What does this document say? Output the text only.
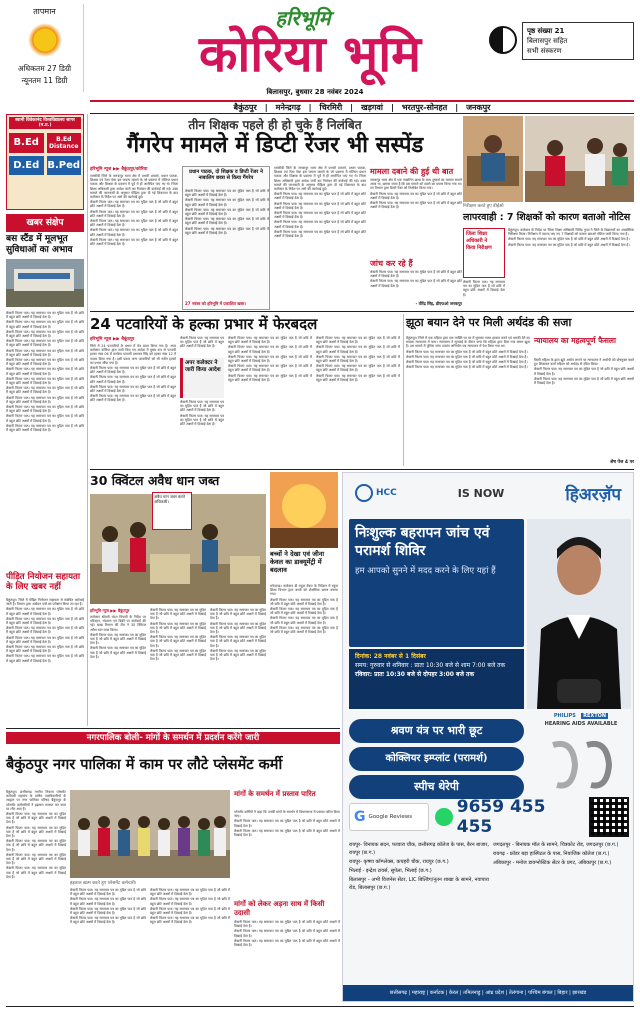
तापमान
अधिकतम 27 डिग्री
न्यूनतम 11 डिग्री
हरिभूमि
कोरिया भूमि
बिलासपुर, बुधवार 28 नवंबर 2024
पृष्ठ संख्या 21
बिलासपुर सहित
सभी संस्करण
बैकुंठपुर | मनेन्द्रगढ़ | चिरमिरी | खड़गवां | भरतपुर-सोनहत | जनकपुर
स्वामी विवेकानंद विश्वविद्यालय सागर (म.प्र.)
B.Ed	B.Ed Distance
D.Ed B.Ped
खबर संक्षेप
बस स्टैंड में मूलभूत सुविधाओं का अभाव

लेखनी फिलर पाठ। यह समाचार पत्र का मुद्रित पाठ है जो छवि में बहुत छोटे अक्षरों में दिखाई देता है।

लेखनी फिलर पाठ। यह समाचार पत्र का मुद्रित पाठ है जो छवि में बहुत छोटे अक्षरों में दिखाई देता है।

लेखनी फिलर पाठ। यह समाचार पत्र का मुद्रित पाठ है जो छवि में बहुत छोटे अक्षरों में दिखाई देता है।

लेखनी फिलर पाठ। यह समाचार पत्र का मुद्रित पाठ है जो छवि में बहुत छोटे अक्षरों में दिखाई देता है।

लेखनी फिलर पाठ। यह समाचार पत्र का मुद्रित पाठ है जो छवि में बहुत छोटे अक्षरों में दिखाई देता है।

लेखनी फिलर पाठ। यह समाचार पत्र का मुद्रित पाठ है जो छवि में बहुत छोटे अक्षरों में दिखाई देता है।

लेखनी फिलर पाठ। यह समाचार पत्र का मुद्रित पाठ है जो छवि में बहुत छोटे अक्षरों में दिखाई देता है।

लेखनी फिलर पाठ। यह समाचार पत्र का मुद्रित पाठ है जो छवि में बहुत छोटे अक्षरों में दिखाई देता है।

लेखनी फिलर पाठ। यह समाचार पत्र का मुद्रित पाठ है जो छवि में बहुत छोटे अक्षरों में दिखाई देता है।

लेखनी फिलर पाठ। यह समाचार पत्र का मुद्रित पाठ है जो छवि में बहुत छोटे अक्षरों में दिखाई देता है।

लेखनी फिलर पाठ। यह समाचार पत्र का मुद्रित पाठ है जो छवि में बहुत छोटे अक्षरों में दिखाई देता है।

लेखनी फिलर पाठ। यह समाचार पत्र का मुद्रित पाठ है जो छवि में बहुत छोटे अक्षरों में दिखाई देता है।

लेखनी फिलर पाठ। यह समाचार पत्र का मुद्रित पाठ है जो छवि में बहुत छोटे अक्षरों में दिखाई देता है।

पीड़ित नियोजन सहायता के लिए खबर नहीं

बैकुंठपुर। जिले में पीड़ित नियोजन सहायता से संबंधित कार्रवाई जारी है। विभाग द्वारा आवेदन पत्रों का परीक्षण किया जा रहा है।

लेखनी फिलर पाठ। यह समाचार पत्र का मुद्रित पाठ है जो छवि में बहुत छोटे अक्षरों में दिखाई देता है।

लेखनी फिलर पाठ। यह समाचार पत्र का मुद्रित पाठ है जो छवि में बहुत छोटे अक्षरों में दिखाई देता है।

लेखनी फिलर पाठ। यह समाचार पत्र का मुद्रित पाठ है जो छवि में बहुत छोटे अक्षरों में दिखाई देता है।

लेखनी फिलर पाठ। यह समाचार पत्र का मुद्रित पाठ है जो छवि में बहुत छोटे अक्षरों में दिखाई देता है।

लेखनी फिलर पाठ। यह समाचार पत्र का मुद्रित पाठ है जो छवि में बहुत छोटे अक्षरों में दिखाई देता है।

लेखनी फिलर पाठ। यह समाचार पत्र का मुद्रित पाठ है जो छवि में बहुत छोटे अक्षरों में दिखाई देता है।

तीन शिक्षक पहले ही हो चुके हैं निलंबित
गैंगरेप मामले में डिप्टी रेंजर भी सस्पेंड
हरिभूमि न्यूज ▶▶ बैकुंठपुर/कोरिया

एमसीबी जिले के जनकपुर थाना क्षेत्र में प्रभारी प्राचार्य, प्रधान पाठक, शिक्षक एवं रेंजर ऐसा इस जघन्य मामले के जो प्रकरण में संलिप्त प्रधान पाठक और शिक्षक के प्रकरण में पूर्व में ही आरोपित पाए गए थे। जिला शिक्षा अधिकारी द्वारा आदेश जारी कर निलंबन की कार्रवाई की गई। उक्त मामले की जानकारी के अनुसार पीड़िता द्वारा दी गई शिकायत के बाद कलेक्टर के निर्देश पर आगे की कार्रवाई हुई।

लेखनी फिलर पाठ। यह समाचार पत्र का मुद्रित पाठ है जो छवि में बहुत छोटे अक्षरों में दिखाई देता है।

लेखनी फिलर पाठ। यह समाचार पत्र का मुद्रित पाठ है जो छवि में बहुत छोटे अक्षरों में दिखाई देता है।

लेखनी फिलर पाठ। यह समाचार पत्र का मुद्रित पाठ है जो छवि में बहुत छोटे अक्षरों में दिखाई देता है।

लेखनी फिलर पाठ। यह समाचार पत्र का मुद्रित पाठ है जो छवि में बहुत छोटे अक्षरों में दिखाई देता है।

लेखनी फिलर पाठ। यह समाचार पत्र का मुद्रित पाठ है जो छवि में बहुत छोटे अक्षरों में दिखाई देता है।

प्रधान पाठक, दो शिक्षक व डिप्टी रेंजर ने नाबालिग छात्रा से किया गैंगरेप

लेखनी फिलर पाठ। यह समाचार पत्र का मुद्रित पाठ है जो छवि में बहुत छोटे अक्षरों में दिखाई देता है।

लेखनी फिलर पाठ। यह समाचार पत्र का मुद्रित पाठ है जो छवि में बहुत छोटे अक्षरों में दिखाई देता है।

लेखनी फिलर पाठ। यह समाचार पत्र का मुद्रित पाठ है जो छवि में बहुत छोटे अक्षरों में दिखाई देता है।

लेखनी फिलर पाठ। यह समाचार पत्र का मुद्रित पाठ है जो छवि में बहुत छोटे अक्षरों में दिखाई देता है।

लेखनी फिलर पाठ। यह समाचार पत्र का मुद्रित पाठ है जो छवि में बहुत छोटे अक्षरों में दिखाई देता है।

27 नवंबर को हरिभूमि में प्रकाशित खबर।

एमसीबी जिले के जनकपुर थाना क्षेत्र में प्रभारी प्राचार्य, प्रधान पाठक, शिक्षक एवं रेंजर ऐसा इस जघन्य मामले के जो प्रकरण में संलिप्त प्रधान पाठक और शिक्षक के प्रकरण में पूर्व में ही आरोपित पाए गए थे। जिला शिक्षा अधिकारी द्वारा आदेश जारी कर निलंबन की कार्रवाई की गई। उक्त मामले की जानकारी के अनुसार पीड़िता द्वारा दी गई शिकायत के बाद कलेक्टर के निर्देश पर आगे की कार्रवाई हुई।

लेखनी फिलर पाठ। यह समाचार पत्र का मुद्रित पाठ है जो छवि में बहुत छोटे अक्षरों में दिखाई देता है।

लेखनी फिलर पाठ। यह समाचार पत्र का मुद्रित पाठ है जो छवि में बहुत छोटे अक्षरों में दिखाई देता है।

लेखनी फिलर पाठ। यह समाचार पत्र का मुद्रित पाठ है जो छवि में बहुत छोटे अक्षरों में दिखाई देता है।

लेखनी फिलर पाठ। यह समाचार पत्र का मुद्रित पाठ है जो छवि में बहुत छोटे अक्षरों में दिखाई देता है।

लेखनी फिलर पाठ। यह समाचार पत्र का मुद्रित पाठ है जो छवि में बहुत छोटे अक्षरों में दिखाई देता है।

मामला दबाने की हुई थी बात

जनकपुर थाना क्षेत्र में एक नाबालिग छात्रा के साथ दुष्कर्म का मामला सामने आया था, बताया जाता है कि इस मामले को दबाने का प्रयास किया गया था। वन विभाग द्वारा डिप्टी रेंजर को निलंबित किया गया।

लेखनी फिलर पाठ। यह समाचार पत्र का मुद्रित पाठ है जो छवि में बहुत छोटे अक्षरों में दिखाई देता है।

लेखनी फिलर पाठ। यह समाचार पत्र का मुद्रित पाठ है जो छवि में बहुत छोटे अक्षरों में दिखाई देता है।

जांच कर रहे हैं

लेखनी फिलर पाठ। यह समाचार पत्र का मुद्रित पाठ है जो छवि में बहुत छोटे अक्षरों में दिखाई देता है।

लेखनी फिलर पाठ। यह समाचार पत्र का मुद्रित पाठ है जो छवि में बहुत छोटे अक्षरों में दिखाई देता है।

- वीरेंद्र सिंह, डीएफओ जनकपुर
निरीक्षण करते हुए डीईओ
लापरवाही : 7 शिक्षकों को कारण बताओ नोटिस
जिला शिक्षा अधिकारी ने
किया निरीक्षण

बैकुंठपुर। कलेक्टर के निर्देश पर जिला शिक्षा अधिकारी जितेंद्र गुप्ता ने जिले के विद्यालयों का आकस्मिक निरीक्षण किया। निरीक्षण में नदारद पाए गए 7 शिक्षकों को कारण बताओ नोटिस जारी किया गया है।

लेखनी फिलर पाठ। यह समाचार पत्र का मुद्रित पाठ है जो छवि में बहुत छोटे अक्षरों में दिखाई देता है।

लेखनी फिलर पाठ। यह समाचार पत्र का मुद्रित पाठ है जो छवि में बहुत छोटे अक्षरों में दिखाई देता है।

लेखनी फिलर पाठ। यह समाचार पत्र का मुद्रित पाठ है जो छवि में बहुत छोटे अक्षरों में दिखाई देता है।

24 पटवारियों के हल्का प्रभार में फेरबदल
हरिभूमि न्यूज ▶▶ बैकुंठपुर

जिले में 24 पटवारियों के प्रभार में फेर बदल किया गया है। अपर कलेक्टर कोरिया द्वारा जारी किए गए आदेश में मुख्य रूप से पटवारी हल्का नंबर 06 में कार्यरत पटवारी प्रभाकर सिंह को हल्का नंबर 12 में पदस्थ किया गया है। इसी प्रकार अन्य पटवारियों को भी नवीन हल्कों का प्रभार सौंपा गया है।

लेखनी फिलर पाठ। यह समाचार पत्र का मुद्रित पाठ है जो छवि में बहुत छोटे अक्षरों में दिखाई देता है।

लेखनी फिलर पाठ। यह समाचार पत्र का मुद्रित पाठ है जो छवि में बहुत छोटे अक्षरों में दिखाई देता है।

लेखनी फिलर पाठ। यह समाचार पत्र का मुद्रित पाठ है जो छवि में बहुत छोटे अक्षरों में दिखाई देता है।

लेखनी फिलर पाठ। यह समाचार पत्र का मुद्रित पाठ है जो छवि में बहुत छोटे अक्षरों में दिखाई देता है।

अपर कलेक्टर ने जारी किया आदेश

लेखनी फिलर पाठ। यह समाचार पत्र का मुद्रित पाठ है जो छवि में बहुत छोटे अक्षरों में दिखाई देता है।

लेखनी फिलर पाठ। यह समाचार पत्र का मुद्रित पाठ है जो छवि में बहुत छोटे अक्षरों में दिखाई देता है।

लेखनी फिलर पाठ। यह समाचार पत्र का मुद्रित पाठ है जो छवि में बहुत छोटे अक्षरों में दिखाई देता है।

लेखनी फिलर पाठ। यह समाचार पत्र का मुद्रित पाठ है जो छवि में बहुत छोटे अक्षरों में दिखाई देता है।

लेखनी फिलर पाठ। यह समाचार पत्र का मुद्रित पाठ है जो छवि में बहुत छोटे अक्षरों में दिखाई देता है।

लेखनी फिलर पाठ। यह समाचार पत्र का मुद्रित पाठ है जो छवि में बहुत छोटे अक्षरों में दिखाई देता है।

लेखनी फिलर पाठ। यह समाचार पत्र का मुद्रित पाठ है जो छवि में बहुत छोटे अक्षरों में दिखाई देता है।

लेखनी फिलर पाठ। यह समाचार पत्र का मुद्रित पाठ है जो छवि में बहुत छोटे अक्षरों में दिखाई देता है।

लेखनी फिलर पाठ। यह समाचार पत्र का मुद्रित पाठ है जो छवि में बहुत छोटे अक्षरों में दिखाई देता है।

लेखनी फिलर पाठ। यह समाचार पत्र का मुद्रित पाठ है जो छवि में बहुत छोटे अक्षरों में दिखाई देता है।

लेखनी फिलर पाठ। यह समाचार पत्र का मुद्रित पाठ है जो छवि में बहुत छोटे अक्षरों में दिखाई देता है।

लेखनी फिलर पाठ। यह समाचार पत्र का मुद्रित पाठ है जो छवि में बहुत छोटे अक्षरों में दिखाई देता है।

लेखनी फिलर पाठ। यह समाचार पत्र का मुद्रित पाठ है जो छवि में बहुत छोटे अक्षरों में दिखाई देता है।

झूठा बयान देने पर मिली अर्थदंड की सजा

बैकुंठपुर। जिले में एक महिला द्वारा एक व्यक्ति पर पर में घुसकर गलत हरकत करने एवं धमकी देने का मामला न्यायालय में चला। न्यायालय ने सुनवाई के दौरान पाया कि महिला द्वारा दिया गया बयान झूठा है। इस मामले में पुलिस जांच उपरांत अभियोग पत्र न्यायालय में पेश किया गया था।

लेखनी फिलर पाठ। यह समाचार पत्र का मुद्रित पाठ है जो छवि में बहुत छोटे अक्षरों में दिखाई देता है।

लेखनी फिलर पाठ। यह समाचार पत्र का मुद्रित पाठ है जो छवि में बहुत छोटे अक्षरों में दिखाई देता है।

लेखनी फिलर पाठ। यह समाचार पत्र का मुद्रित पाठ है जो छवि में बहुत छोटे अक्षरों में दिखाई देता है।

लेखनी फिलर पाठ। यह समाचार पत्र का मुद्रित पाठ है जो छवि में बहुत छोटे अक्षरों में दिखाई देता है।

न्यायालय का महत्वपूर्ण फैसला

किसी महिला के द्वारा झूठे आरोप लगाने पर न्यायालय ने आरोपी को दोषमुक्त करते हुए शिकायत कर्ता महिला को अर्थदंड से दंडित किया।

लेखनी फिलर पाठ। यह समाचार पत्र का मुद्रित पाठ है जो छवि में बहुत छोटे अक्षरों में दिखाई देता है।

लेखनी फिलर पाठ। यह समाचार पत्र का मुद्रित पाठ है जो छवि में बहुत छोटे अक्षरों में दिखाई देता है।

शेष पेज 4 पर
30 क्विंटल अवैध धान जब्त
अवैध धान जब्त करते अधिकारी।
हरिभूमि न्यूज ▶▶ बैकुंठपुर

कलेक्टर श्रीमती चंदन त्रिपाठी के निर्देश पर परिवहन, भंडारण एवं बिक्री पर कार्रवाई की गई। खाद्य विभाग की टीम ने 30 क्विंटल अवैध धान जब्त किया।

लेखनी फिलर पाठ। यह समाचार पत्र का मुद्रित पाठ है जो छवि में बहुत छोटे अक्षरों में दिखाई देता है।

लेखनी फिलर पाठ। यह समाचार पत्र का मुद्रित पाठ है जो छवि में बहुत छोटे अक्षरों में दिखाई देता है।

लेखनी फिलर पाठ। यह समाचार पत्र का मुद्रित पाठ है जो छवि में बहुत छोटे अक्षरों में दिखाई देता है।

लेखनी फिलर पाठ। यह समाचार पत्र का मुद्रित पाठ है जो छवि में बहुत छोटे अक्षरों में दिखाई देता है।

लेखनी फिलर पाठ। यह समाचार पत्र का मुद्रित पाठ है जो छवि में बहुत छोटे अक्षरों में दिखाई देता है।

लेखनी फिलर पाठ। यह समाचार पत्र का मुद्रित पाठ है जो छवि में बहुत छोटे अक्षरों में दिखाई देता है।

लेखनी फिलर पाठ। यह समाचार पत्र का मुद्रित पाठ है जो छवि में बहुत छोटे अक्षरों में दिखाई देता है।

लेखनी फिलर पाठ। यह समाचार पत्र का मुद्रित पाठ है जो छवि में बहुत छोटे अक्षरों में दिखाई देता है।

लेखनी फिलर पाठ। यह समाचार पत्र का मुद्रित पाठ है जो छवि में बहुत छोटे अक्षरों में दिखाई देता है।

लेखनी फिलर पाठ। यह समाचार पत्र का मुद्रित पाठ है जो छवि में बहुत छोटे अक्षरों में दिखाई देता है।

बच्चों ने देखा एवं जीना केवल का डाक्यूमेंट्री में बदलाव

मनेन्द्रगढ़। कलेक्टर डी राहुल वेंकट के निर्देशन में स्कूल शिक्षा विभाग द्वारा बच्चों को शैक्षणिक भ्रमण कराया गया।

लेखनी फिलर पाठ। यह समाचार पत्र का मुद्रित पाठ है जो छवि में बहुत छोटे अक्षरों में दिखाई देता है।

लेखनी फिलर पाठ। यह समाचार पत्र का मुद्रित पाठ है जो छवि में बहुत छोटे अक्षरों में दिखाई देता है।

लेखनी फिलर पाठ। यह समाचार पत्र का मुद्रित पाठ है जो छवि में बहुत छोटे अक्षरों में दिखाई देता है।

लेखनी फिलर पाठ। यह समाचार पत्र का मुद्रित पाठ है जो छवि में बहुत छोटे अक्षरों में दिखाई देता है।

HCC	IS NOW	हिअरज़ॅप
निःशुल्क बहरापन जांच एवं परामर्श शिविर
हम आपको सुनने में मदद करने के लिए यहां हैं
दिनांक: 28 नवंबर से 1 दिसंबर
समय: गुरुवार से शनिवार : प्रातः 10:30 बजे से शाम 7:00 बजे तक
रविवार: प्रातः 10:30 बजे से दोपहर 3:00 बजे तक
श्रवण यंत्र पर भारी छूट
कोक्लियर इम्प्लांट (परामर्श)
स्पीच थेरेपी
PHILIPS REXTON
HEARING AIDS AVAILABLE
G Google Reviews	9659 455 455

रायपुर- विनायक सदन, फव्वारा चौक, छत्तीसगढ़ कॉलेज के पास, बैरन बाजार, रायपुर (छ.ग.)

रायपुर- कृष्णा कॉम्प्लेक्स, कचहरी चौक, रायपुर (छ.ग.)

भिलाई - इन्द्रेश टावर्स, सुपेला, भिलाई (छ.ग.)

बिलासपुर - अभी विजनेस सेंटर, LIC बिल्डिंग/नूतन शाखा के सामने, नवापारा रोड, बिलासपुर (छ.ग.)

जगदलपुर - बिनायक मॉल के सामने, चित्रकोट रोड, जगदलपुर (छ.ग.)

रायगढ़ - फ्रॉडर बड़ा हास्पिटल के पास, नियाजिक कॉलेज (छ.ग.)

अंबिकापुर - मनोज डायग्नोस्टिक सेंटर के प्रगट, अंबिकापुर (छ.ग.)

छत्तीसगढ़ | महाराष्ट्र | कर्नाटक | केरल | तमिलनाडु | आंध्र प्रदेश | तेलंगाना | पश्चिम बंगाल | बिहार | झारखंड
नगरपालिक बोली- मांगों के समर्थन में प्रदर्शन करेंगे जारी
बैकुंठपुर नगर पालिका में काम पर लौटे प्लेसमेंट कर्मी

बैकुंठपुर। छत्तीसगढ़ नगरीय निकाय प्लेसमेंट कर्मचारी महासंघ के प्रांतीय पदाधिकारियों के आह्वान पर नगर पालिका परिषद बैकुंठपुर के प्लेसमेंट कर्मचारियों ने हड़ताल समाप्त कर काम पर लौट आए हैं।

लेखनी फिलर पाठ। यह समाचार पत्र का मुद्रित पाठ है जो छवि में बहुत छोटे अक्षरों में दिखाई देता है।

लेखनी फिलर पाठ। यह समाचार पत्र का मुद्रित पाठ है जो छवि में बहुत छोटे अक्षरों में दिखाई देता है।

लेखनी फिलर पाठ। यह समाचार पत्र का मुद्रित पाठ है जो छवि में बहुत छोटे अक्षरों में दिखाई देता है।

लेखनी फिलर पाठ। यह समाचार पत्र का मुद्रित पाठ है जो छवि में बहुत छोटे अक्षरों में दिखाई देता है।

लेखनी फिलर पाठ। यह समाचार पत्र का मुद्रित पाठ है जो छवि में बहुत छोटे अक्षरों में दिखाई देता है।

हड़ताल खत्म करते हुए प्लेसमेंट कर्मचारी।

लेखनी फिलर पाठ। यह समाचार पत्र का मुद्रित पाठ है जो छवि में बहुत छोटे अक्षरों में दिखाई देता है।

लेखनी फिलर पाठ। यह समाचार पत्र का मुद्रित पाठ है जो छवि में बहुत छोटे अक्षरों में दिखाई देता है।

लेखनी फिलर पाठ। यह समाचार पत्र का मुद्रित पाठ है जो छवि में बहुत छोटे अक्षरों में दिखाई देता है।

लेखनी फिलर पाठ। यह समाचार पत्र का मुद्रित पाठ है जो छवि में बहुत छोटे अक्षरों में दिखाई देता है।

लेखनी फिलर पाठ। यह समाचार पत्र का मुद्रित पाठ है जो छवि में बहुत छोटे अक्षरों में दिखाई देता है।

लेखनी फिलर पाठ। यह समाचार पत्र का मुद्रित पाठ है जो छवि में बहुत छोटे अक्षरों में दिखाई देता है।

लेखनी फिलर पाठ। यह समाचार पत्र का मुद्रित पाठ है जो छवि में बहुत छोटे अक्षरों में दिखाई देता है।

लेखनी फिलर पाठ। यह समाचार पत्र का मुद्रित पाठ है जो छवि में बहुत छोटे अक्षरों में दिखाई देता है।

मांगों के समर्थन में प्रस्ताव पारित

प्लेसमेंट कर्मियों ने कहा कि उनकी मांगों के समर्थन में विधानसभा में प्रस्ताव पारित किया जाए।

लेखनी फिलर पाठ। यह समाचार पत्र का मुद्रित पाठ है जो छवि में बहुत छोटे अक्षरों में दिखाई देता है।

लेखनी फिलर पाठ। यह समाचार पत्र का मुद्रित पाठ है जो छवि में बहुत छोटे अक्षरों में दिखाई देता है।

मांगों को लेकर अड़ना साथ में किसी उदासी

लेखनी फिलर पाठ। यह समाचार पत्र का मुद्रित पाठ है जो छवि में बहुत छोटे अक्षरों में दिखाई देता है।

लेखनी फिलर पाठ। यह समाचार पत्र का मुद्रित पाठ है जो छवि में बहुत छोटे अक्षरों में दिखाई देता है।

लेखनी फिलर पाठ। यह समाचार पत्र का मुद्रित पाठ है जो छवि में बहुत छोटे अक्षरों में दिखाई देता है।
